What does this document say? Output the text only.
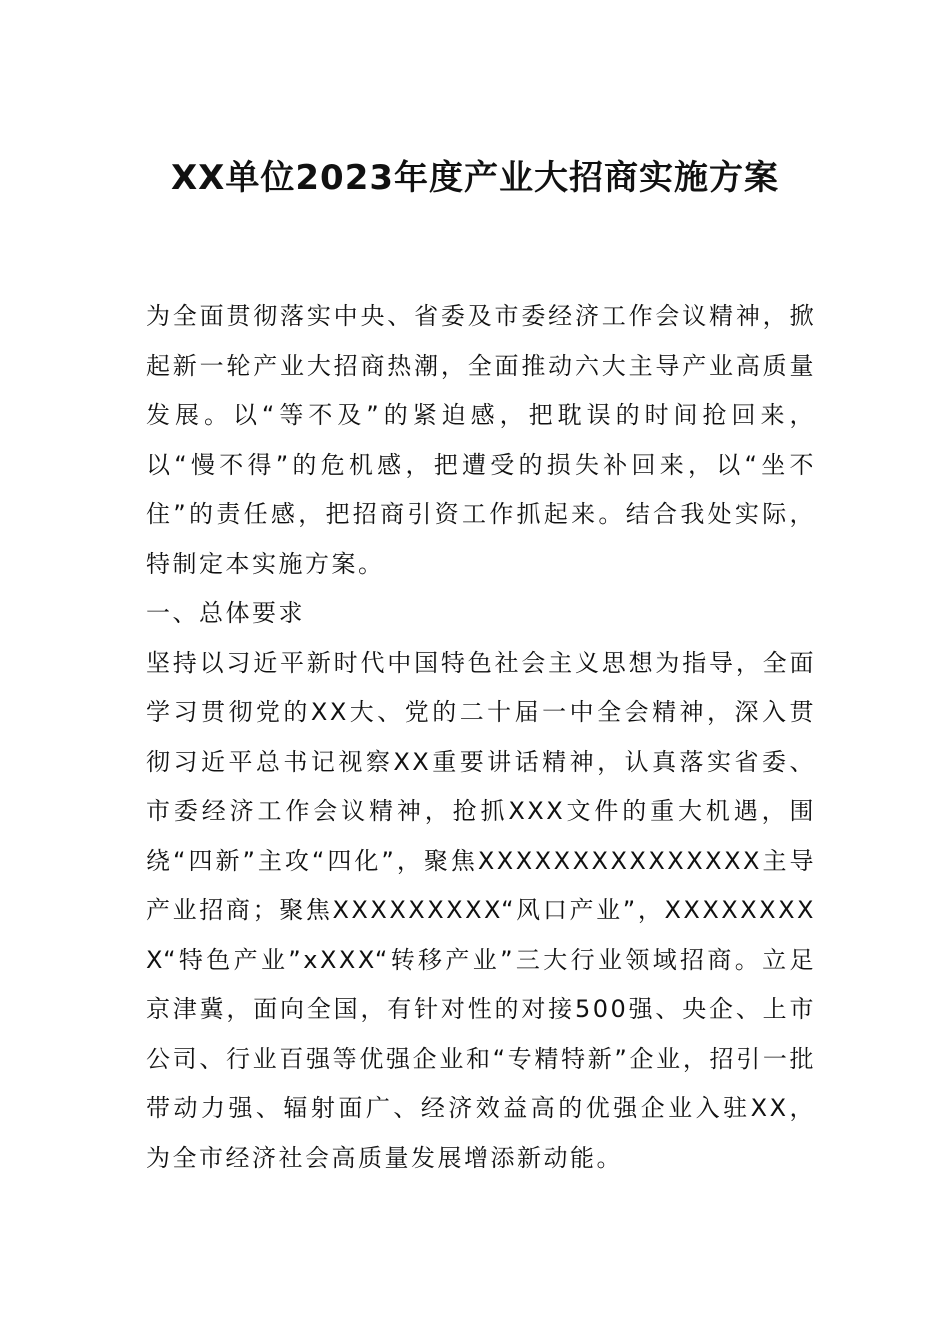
XX单位2023年度产业大招商实施方案

为全面贯彻落实中央、省委及市委经济工作会议精神，掀起新一轮产业大招商热潮，全面推动六大主导产业高质量发展。以“等不及”的紧迫感，把耽误的时间抢回来，以“慢不得”的危机感，把遭受的损失补回来，以“坐不住”的责任感，把招商引资工作抓起来。结合我处实际，特制定本实施方案。

一、总体要求

坚持以习近平新时代中国特色社会主义思想为指导，全面学习贯彻党的XX大、党的二十届一中全会精神，深入贯彻习近平总书记视察XX重要讲话精神，认真落实省委、市委经济工作会议精神，抢抓XXX文件的重大机遇，围绕“四新”主攻“四化”，聚焦XXXXXXXXXXXXXXX主导产业招商；聚焦XXXXXXXXX“风口产业”，XXXXXXXXX“特色产业”xXXX“转移产业”三大行业领域招商。立足京津冀，面向全国，有针对性的对接500强、央企、上市公司、行业百强等优强企业和“专精特新”企业，招引一批带动力强、辐射面广、经济效益高的优强企业入驻XX，为全市经济社会高质量发展增添新动能。
